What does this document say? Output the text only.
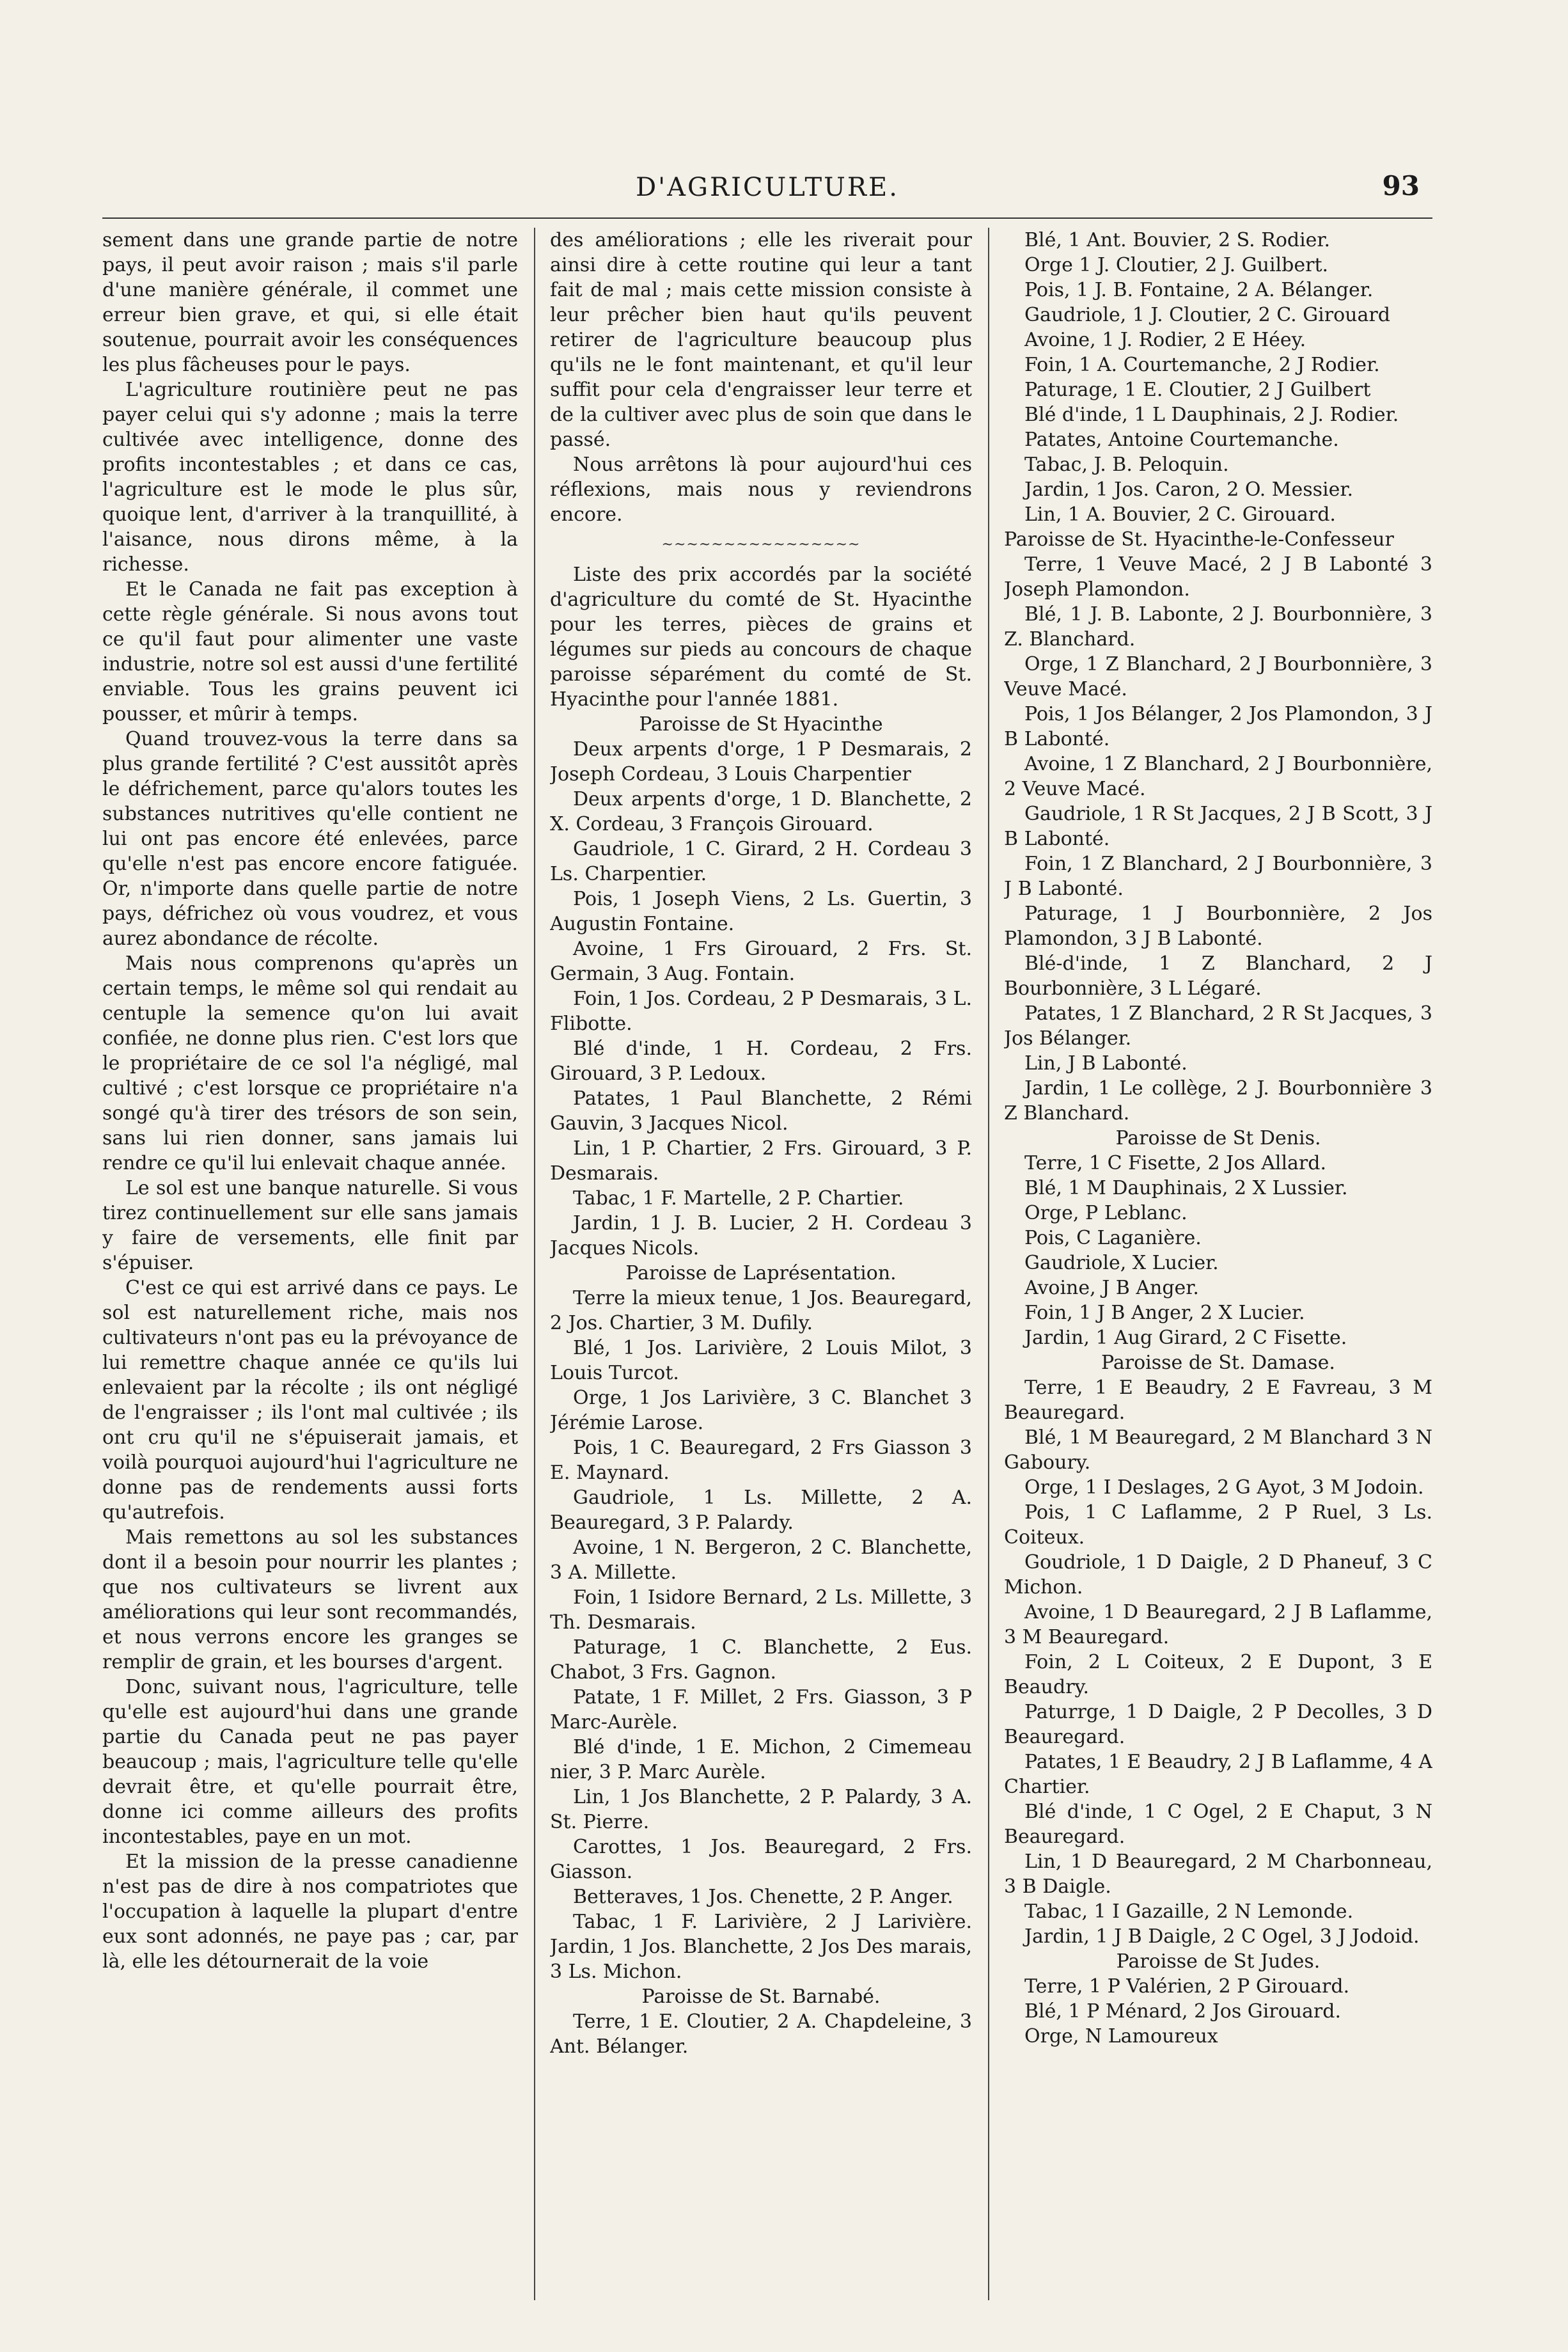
D'AGRICULTURE.	93

sement dans une grande partie de notre pays, il peut avoir raison ; mais s'il parle d'une manière générale, il commet une erreur bien grave, et qui, si elle était soutenue, pourrait avoir les conséquences les plus fâcheuses pour le pays.

L'agriculture routinière peut ne pas payer celui qui s'y adonne ; mais la terre cultivée avec intelligence, donne des profits incontestables ; et dans ce cas, l'agriculture est le mode le plus sûr, quoique lent, d'arriver à la tranquillité, à l'aisance, nous dirons même, à la richesse.

Et le Canada ne fait pas exception à cette règle générale. Si nous avons tout ce qu'il faut pour alimenter une vaste industrie, notre sol est aussi d'une fertilité enviable. Tous les grains peuvent ici pousser, et mûrir à temps.

Quand trouvez-vous la terre dans sa plus grande fertilité ? C'est aussitôt après le défrichement, parce qu'alors toutes les substances nutritives qu'elle contient ne lui ont pas encore été enlevées, parce qu'elle n'est pas encore encore fatiguée. Or, n'importe dans quelle partie de notre pays, défrichez où vous voudrez, et vous aurez abondance de récolte.

Mais nous comprenons qu'après un certain temps, le même sol qui rendait au centuple la semence qu'on lui avait confiée, ne donne plus rien. C'est lors que le propriétaire de ce sol l'a négligé, mal cultivé ; c'est lorsque ce propriétaire n'a songé qu'à tirer des trésors de son sein, sans lui rien donner, sans jamais lui rendre ce qu'il lui enlevait chaque année.

Le sol est une banque naturelle. Si vous tirez continuellement sur elle sans jamais y faire de versements, elle finit par s'épuiser.

C'est ce qui est arrivé dans ce pays. Le sol est naturellement riche, mais nos cultivateurs n'ont pas eu la prévoyance de lui remettre chaque année ce qu'ils lui enlevaient par la récolte ; ils ont négligé de l'engraisser ; ils l'ont mal cultivée ; ils ont cru qu'il ne s'épuiserait jamais, et voilà pourquoi aujourd'hui l'agriculture ne donne pas de rendements aussi forts qu'autrefois.

Mais remettons au sol les substances dont il a besoin pour nourrir les plantes ; que nos cultivateurs se livrent aux améliorations qui leur sont recommandés, et nous verrons encore les granges se remplir de grain, et les bourses d'argent.

Donc, suivant nous, l'agriculture, telle qu'elle est aujourd'hui dans une grande partie du Canada peut ne pas payer beaucoup ; mais, l'agriculture telle qu'elle devrait être, et qu'elle pourrait être, donne ici comme ailleurs des profits incontestables, paye en un mot.

Et la mission de la presse canadienne n'est pas de dire à nos compatriotes que l'occupation à laquelle la plupart d'entre eux sont adonnés, ne paye pas ; car, par là, elle les détournerait de la voie

des améliorations ; elle les riverait pour ainsi dire à cette routine qui leur a tant fait de mal ; mais cette mission consiste à leur prêcher bien haut qu'ils peuvent retirer de l'agriculture beaucoup plus qu'ils ne le font maintenant, et qu'il leur suffit pour cela d'engraisser leur terre et de la cultiver avec plus de soin que dans le passé.

Nous arrêtons là pour aujourd'hui ces réflexions, mais nous y reviendrons encore.

~~~~~~~~~~~~~~~~

Liste des prix accordés par la société d'agriculture du comté de St. Hyacinthe pour les terres, pièces de grains et légumes sur pieds au concours de chaque paroisse séparément du comté de St. Hyacinthe pour l'année 1881.

Paroisse de St Hyacinthe

Deux arpents d'orge, 1 P Desmarais, 2 Joseph Cordeau, 3 Louis Charpentier

Deux arpents d'orge, 1 D. Blanchette, 2 X. Cordeau, 3 François Girouard.

Gaudriole, 1 C. Girard, 2 H. Cordeau 3 Ls. Charpentier.

Pois, 1 Joseph Viens, 2 Ls. Guertin, 3 Augustin Fontaine.

Avoine, 1 Frs Girouard, 2 Frs. St. Germain, 3 Aug. Fontain.

Foin, 1 Jos. Cordeau, 2 P Desmarais, 3 L. Flibotte.

Blé d'inde, 1 H. Cordeau, 2 Frs. Girouard, 3 P. Ledoux.

Patates, 1 Paul Blanchette, 2 Rémi Gauvin, 3 Jacques Nicol.

Lin, 1 P. Chartier, 2 Frs. Girouard, 3 P. Desmarais.

Tabac, 1 F. Martelle, 2 P. Chartier.

Jardin, 1 J. B. Lucier, 2 H. Cordeau 3 Jacques Nicols.

Paroisse de Laprésentation.

Terre la mieux tenue, 1 Jos. Beauregard, 2 Jos. Chartier, 3 M. Dufily.

Blé, 1 Jos. Larivière, 2 Louis Milot, 3 Louis Turcot.

Orge, 1 Jos Larivière, 3 C. Blanchet 3 Jérémie Larose.

Pois, 1 C. Beauregard, 2 Frs Giasson 3 E. Maynard.

Gaudriole, 1 Ls. Millette, 2 A. Beauregard, 3 P. Palardy.

Avoine, 1 N. Bergeron, 2 C. Blanchette, 3 A. Millette.

Foin, 1 Isidore Bernard, 2 Ls. Millette, 3 Th. Desmarais.

Paturage, 1 C. Blanchette, 2 Eus. Chabot, 3 Frs. Gagnon.

Patate, 1 F. Millet, 2 Frs. Giasson, 3 P Marc-Aurèle.

Blé d'inde, 1 E. Michon, 2 Cimemeau nier, 3 P. Marc Aurèle.

Lin, 1 Jos Blanchette, 2 P. Palardy, 3 A. St. Pierre.

Carottes, 1 Jos. Beauregard, 2 Frs. Giasson.

Betteraves, 1 Jos. Chenette, 2 P. Anger.

Tabac, 1 F. Larivière, 2 J Larivière. Jardin, 1 Jos. Blanchette, 2 Jos Des marais, 3 Ls. Michon.

Paroisse de St. Barnabé.

Terre, 1 E. Cloutier, 2 A. Chapdeleine, 3 Ant. Bélanger.

Blé, 1 Ant. Bouvier, 2 S. Rodier.

Orge 1 J. Cloutier, 2 J. Guilbert.

Pois, 1 J. B. Fontaine, 2 A. Bélanger.

Gaudriole, 1 J. Cloutier, 2 C. Girouard

Avoine, 1 J. Rodier, 2 E Héey.

Foin, 1 A. Courtemanche, 2 J Rodier.

Paturage, 1 E. Cloutier, 2 J Guilbert

Blé d'inde, 1 L Dauphinais, 2 J. Rodier.

Patates, Antoine Courtemanche.

Tabac, J. B. Peloquin.

Jardin, 1 Jos. Caron, 2 O. Messier.

Lin, 1 A. Bouvier, 2 C. Girouard.

Paroisse de St. Hyacinthe-le-Confesseur

Terre, 1 Veuve Macé, 2 J B Labonté 3 Joseph Plamondon.

Blé, 1 J. B. Labonte, 2 J. Bourbonnière, 3 Z. Blanchard.

Orge, 1 Z Blanchard, 2 J Bourbonnière, 3 Veuve Macé.

Pois, 1 Jos Bélanger, 2 Jos Plamondon, 3 J B Labonté.

Avoine, 1 Z Blanchard, 2 J Bourbonnière, 2 Veuve Macé.

Gaudriole, 1 R St Jacques, 2 J B Scott, 3 J B Labonté.

Foin, 1 Z Blanchard, 2 J Bourbonnière, 3 J B Labonté.

Paturage, 1 J Bourbonnière, 2 Jos Plamondon, 3 J B Labonté.

Blé-d'inde, 1 Z Blanchard, 2 J Bourbonnière, 3 L Légaré.

Patates, 1 Z Blanchard, 2 R St Jacques, 3 Jos Bélanger.

Lin, J B Labonté.

Jardin, 1 Le collège, 2 J. Bourbonnière 3 Z Blanchard.

Paroisse de St Denis.

Terre, 1 C Fisette, 2 Jos Allard.

Blé, 1 M Dauphinais, 2 X Lussier.

Orge, P Leblanc.

Pois, C Laganière.

Gaudriole, X Lucier.

Avoine, J B Anger.

Foin, 1 J B Anger, 2 X Lucier.

Jardin, 1 Aug Girard, 2 C Fisette.

Paroisse de St. Damase.

Terre, 1 E Beaudry, 2 E Favreau, 3 M Beauregard.

Blé, 1 M Beauregard, 2 M Blanchard 3 N Gaboury.

Orge, 1 I Deslages, 2 G Ayot, 3 M Jodoin.

Pois, 1 C Laflamme, 2 P Ruel, 3 Ls. Coiteux.

Goudriole, 1 D Daigle, 2 D Phaneuf, 3 C Michon.

Avoine, 1 D Beauregard, 2 J B Laflamme, 3 M Beauregard.

Foin, 2 L Coiteux, 2 E Dupont, 3 E Beaudry.

Paturrge, 1 D Daigle, 2 P Decolles, 3 D Beauregard.

Patates, 1 E Beaudry, 2 J B Laflamme, 4 A Chartier.

Blé d'inde, 1 C Ogel, 2 E Chaput, 3 N Beauregard.

Lin, 1 D Beauregard, 2 M Charbonneau, 3 B Daigle.

Tabac, 1 I Gazaille, 2 N Lemonde.

Jardin, 1 J B Daigle, 2 C Ogel, 3 J Jodoid.

Paroisse de St Judes.

Terre, 1 P Valérien, 2 P Girouard.

Blé, 1 P Ménard, 2 Jos Girouard.

Orge, N Lamoureux
